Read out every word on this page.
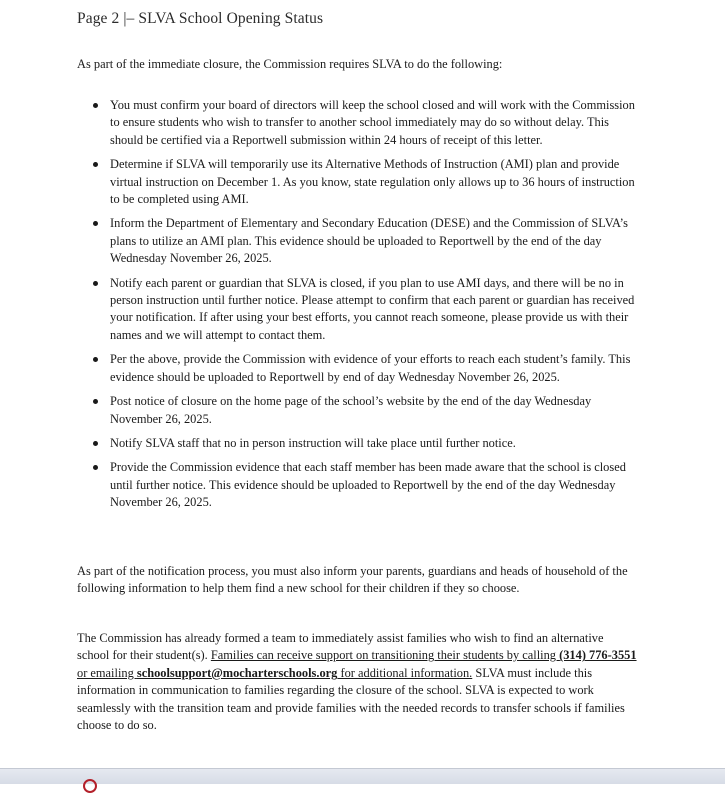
Page 2 |– SLVA School Opening Status

As part of the immediate closure, the Commission requires SLVA to do the following:

You must confirm your board of directors will keep the school closed and will work with the Commission to ensure students who wish to transfer to another school immediately may do so without delay. This should be certified via a Reportwell submission within 24 hours of receipt of this letter.
Determine if SLVA will temporarily use its Alternative Methods of Instruction (AMI) plan and provide virtual instruction on December 1. As you know, state regulation only allows up to 36 hours of instruction to be completed using AMI.
Inform the Department of Elementary and Secondary Education (DESE) and the Commission of SLVA’s plans to utilize an AMI plan. This evidence should be uploaded to Reportwell by the end of the day Wednesday November 26, 2025.
Notify each parent or guardian that SLVA is closed, if you plan to use AMI days, and there will be no in person instruction until further notice. Please attempt to confirm that each parent or guardian has received your notification. If after using your best efforts, you cannot reach someone, please provide us with their names and we will attempt to contact them.
Per the above, provide the Commission with evidence of your efforts to reach each student’s family. This evidence should be uploaded to Reportwell by end of day Wednesday November 26, 2025.
Post notice of closure on the home page of the school’s website by the end of the day Wednesday November 26, 2025.
Notify SLVA staff that no in person instruction will take place until further notice.
Provide the Commission evidence that each staff member has been made aware that the school is closed until further notice. This evidence should be uploaded to Reportwell by the end of the day Wednesday November 26, 2025.

As part of the notification process, you must also inform your parents, guardians and heads of household of the following information to help them find a new school for their children if they so choose.

The Commission has already formed a team to immediately assist families who wish to find an alternative school for their student(s). Families can receive support on transitioning their students by calling (314) 776-3551 or emailing schoolsupport@mocharterschools.org for additional information. SLVA must include this information in communication to families regarding the closure of the school. SLVA is expected to work seamlessly with the transition team and provide families with the needed records to transfer schools if families choose to do so.
